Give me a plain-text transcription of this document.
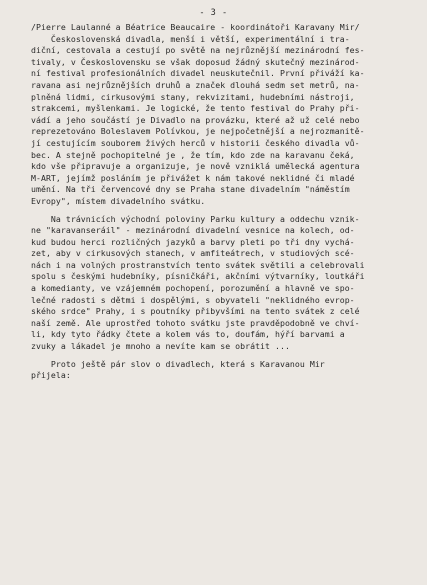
- 3 -
/Pierre Laulanné a Béatrice Beaucaire - koordinátoři Karavany Mir/
Československá divadla, menší i větší, experimentální i tra-
diční, cestovala a cestují po světě na nejrůznější mezinárodní fes-
tivaly, v Československu se však doposud žádný skutečný mezinárod-
ní festival profesionálních divadel neuskutečnil. První přiváží ka-
ravana asi nejrůznějších druhů a značek dlouhá sedm set metrů, na-
plněná lidmi, cirkusovými stany, rekvizitami, hudebními nástroji,
strakcemi, myšlenkami. Je logické, že tento festival do Prahy při-
vádí a jeho součástí je Divadlo na provázku, které až už celé nebo
reprezetováno Boleslavem Polívkou, je nejpočetnější a nejrozmanitě-
jí cestujícím souborem živých herců v historii českého divadla vů-
bec. A stejně pochopitelné je , že tím, kdo zde na karavanu čeká,
kdo vše připravuje a organizuje, je nově vzniklá umělecká agentura
M-ART, jejímž posláním je přivážet k nám takové neklidné či mladé
umění. Na tři červencové dny se Praha stane divadelním "náměstím
Evropy", místem divadelního svátku.
Na trávnicích východní poloviny Parku kultury a oddechu vznik-
ne "karavanseráil" - mezinárodní divadelní vesnice na kolech, od-
kud budou herci rozličných jazyků a barvy pleti po tři dny vychá-
zet, aby v cirkusových stanech, v amfiteátrech, v studiových scé-
nách i na volných prostranstvích tento svátek světili a celebrovali
spolu s českými hudebníky, písničkáři, akčními výtvarníky, loutkáři
a komedianty, ve vzájemném pochopení, porozumění a hlavně ve spo-
lečné radosti s dětmi i dospělými, s obyvateli "neklidného evrop-
ského srdce" Prahy, i s poutníky přibyvšími na tento svátek z celé
naší země. Ale uprostřed tohoto svátku jste pravděpodobně ve chví-
li, kdy tyto řádky čtete a kolem vás to, doufám, hýří barvami a
zvuky a lákadel je mnoho a nevíte kam se obrátit ...
Proto ještě pár slov o divadlech, která s Karavanou Mir
přijela:
